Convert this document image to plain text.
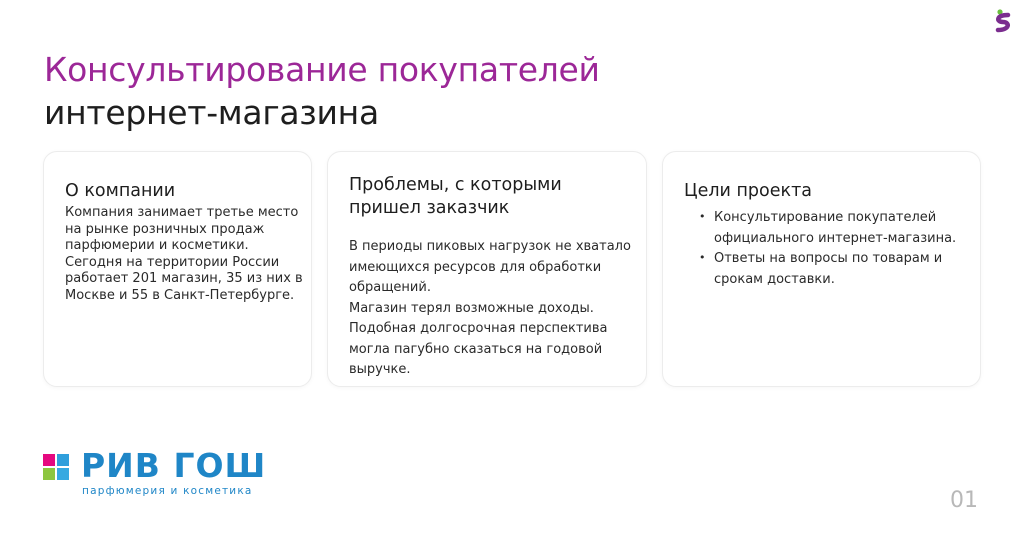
Консультирование покупателей
интернет-магазина
О компании

Компания занимает третье место на рынке розничных продаж парфюмерии и косметики. Сегодня на территории России работает 201 магазин, 35 из них в Москве и 55 в Санкт-Петербурге.

Проблемы, с которыми пришел заказчик

В периоды пиковых нагрузок не хватало имеющихся ресурсов для обработки обращений.
Магазин терял возможные доходы. Подобная долгосрочная перспектива могла пагубно сказаться на годовой выручке.

Цели проекта
• Консультирование покупателей официального интернет-магазина.
• Ответы на вопросы по товарам и срокам доставки.
РИВ ГОШ
парфюмерия и косметика	01
